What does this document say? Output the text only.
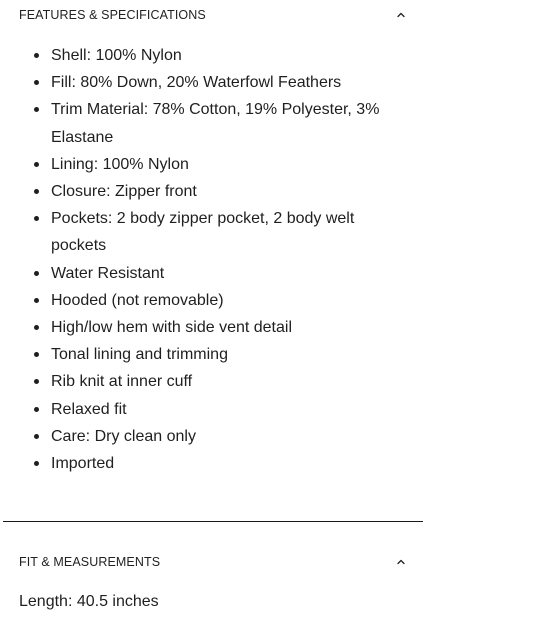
FEATURES & SPECIFICATIONS
Shell: 100% Nylon
Fill: 80% Down, 20% Waterfowl Feathers
Trim Material: 78% Cotton, 19% Polyester, 3% Elastane
Lining: 100% Nylon
Closure: Zipper front
Pockets: 2 body zipper pocket, 2 body welt pockets
Water Resistant
Hooded (not removable)
High/low hem with side vent detail
Tonal lining and trimming
Rib knit at inner cuff
Relaxed fit
Care: Dry clean only
Imported
FIT & MEASUREMENTS
Length: 40.5 inches
